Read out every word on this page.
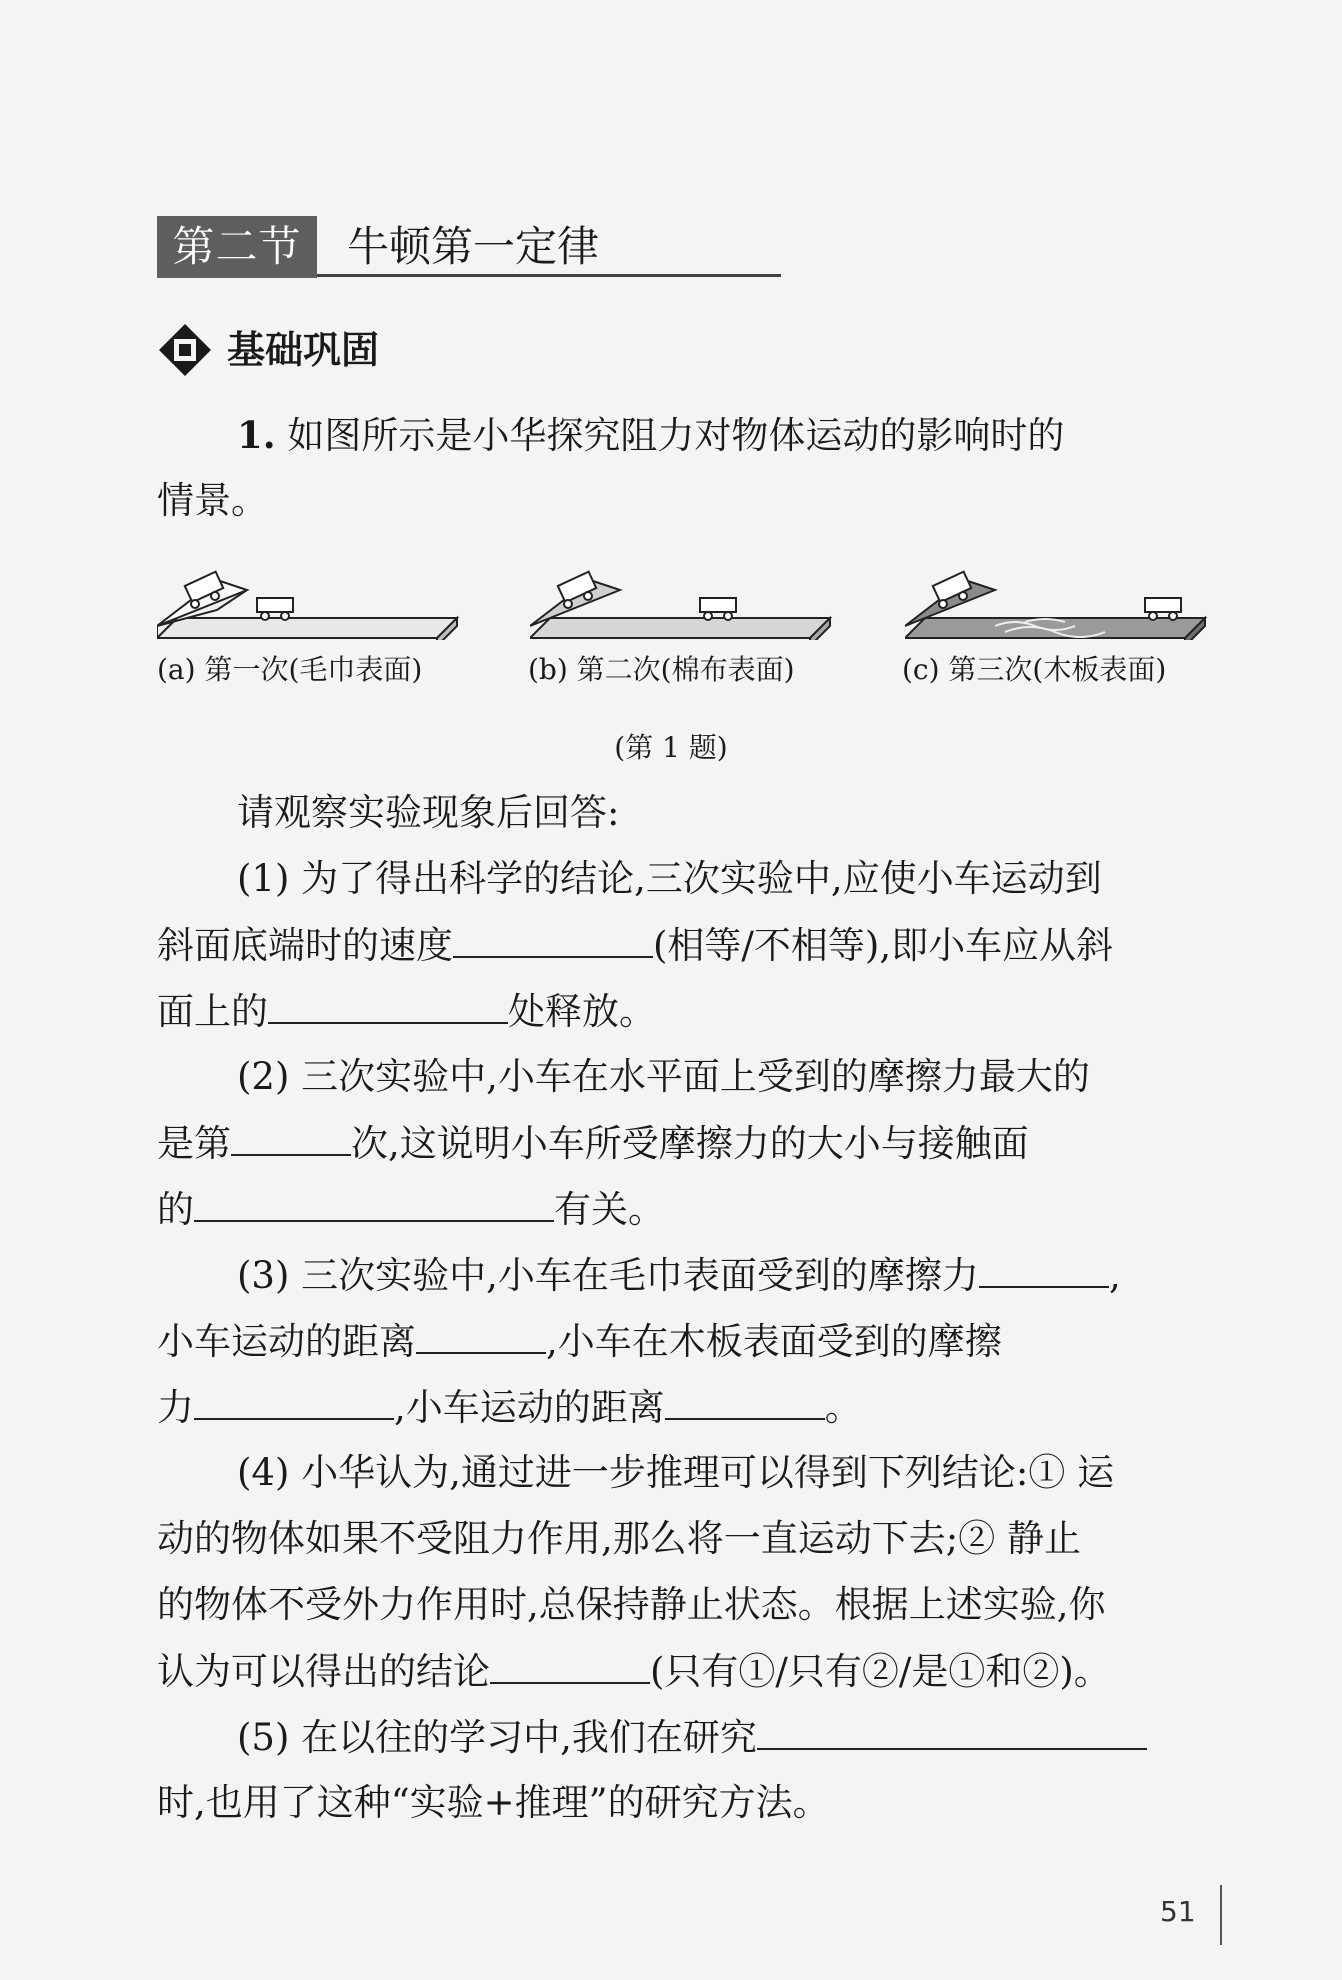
第二节	牛顿第一定律
基础巩固
1. 如图所示是小华探究阻力对物体运动的影响时的
情景。
(a) 第一次(毛巾表面)	(b) 第二次(棉布表面)	(c) 第三次(木板表面)
(第 1 题)
请观察实验现象后回答:
(1) 为了得出科学的结论,三次实验中,应使小车运动到
斜面底端时的速度	(相等/不相等),即小车应从斜
面上的	处释放。
(2) 三次实验中,小车在水平面上受到的摩擦力最大的
是第	次,这说明小车所受摩擦力的大小与接触面
的	有关。
(3) 三次实验中,小车在毛巾表面受到的摩擦力	,
小车运动的距离	,小车在木板表面受到的摩擦
力	,小车运动的距离	。
(4) 小华认为,通过进一步推理可以得到下列结论:① 运
动的物体如果不受阻力作用,那么将一直运动下去;② 静止
的物体不受外力作用时,总保持静止状态。根据上述实验,你
认为可以得出的结论	(只有①/只有②/是①和②)。
(5) 在以往的学习中,我们在研究
时,也用了这种“实验+推理”的研究方法。
51
